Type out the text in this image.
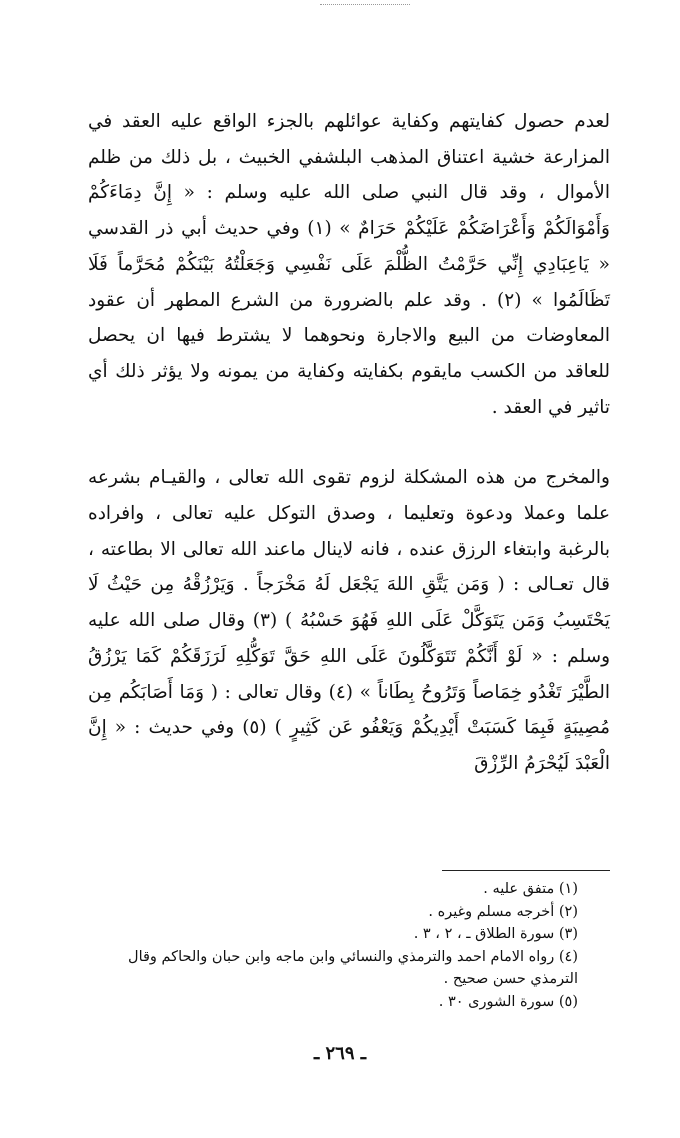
لعدم حصول كفايتهم وكفاية عوائلهم بالجزء الواقع عليه العقد في المزارعة خشية اعتناق المذهب البلشفي الخبيث ، بل ذلك من ظلم الأموال ، وقد قال النبي صلى الله عليه وسلم : « إِنَّ دِمَاءَكُمْ وَأَمْوَالَكُمْ وَأَعْرَاضَكُمْ عَلَيْكُمْ حَرَامٌ » (١) وفي حديث أبي ذر القدسي « يَاعِبَادِي إِنِّي حَرَّمْتُ الظُّلْمَ عَلَى نَفْسِي وَجَعَلْتُهُ بَيْنَكُمْ مُحَرَّماً فَلَا تَظَالَمُوا » (٢) . وقد علم بالضرورة من الشرع المطهر أن عقود المعاوضات من البيع والاجارة ونحوهما لا يشترط فيها ان يحصل للعاقد من الكسب مايقوم بكفايته وكفاية من يمونه ولا يؤثر ذلك أي تاثير في العقد .

والمخرج من هذه المشكلة لزوم تقوى الله تعالى ، والقيـام بشرعه علما وعملا ودعوة وتعليما ، وصدق التوكل عليه تعالى ، وافراده بالرغبة وابتغاء الرزق عنده ، فانه لاينال ماعند الله تعالى الا بطاعته ، قال تعـالى : ( وَمَن يَتَّقِ اللهَ يَجْعَل لَهُ مَخْرَجاً . وَيَرْزُقْهُ مِن حَيْثُ لَا يَحْتَسِبُ وَمَن يَتَوَكَّلْ عَلَى اللهِ فَهُوَ حَسْبُهُ ) (٣) وقال صلى الله عليه وسلم : « لَوْ أَنَّكُمْ تَتَوَكَّلُونَ عَلَى اللهِ حَقَّ تَوَكُّلِهِ لَرَزَقَكُمْ كَمَا يَرْزُقُ الطَّيْرَ تَغْدُو خِمَاصاً وَتَرُوحُ بِطَاناً » (٤) وقال تعالى : ( وَمَا أَصَابَكُم مِن مُصِيبَةٍ فَبِمَا كَسَبَتْ أَيْدِيكُمْ وَيَعْفُو عَن كَثِيرٍ ) (٥) وفي حديث : « إِنَّ الْعَبْدَ لَيُحْرَمُ الرِّزْقَ

(١) متفق عليه .

(٢) أخرجه مسلم وغيره .

(٣) سورة الطلاق ـ ، ٢ ، ٣ .

(٤) رواه الامام احمد والترمذي والنسائي وابن ماجه وابن حبان والحاكم وقال الترمذي حسن صحيح .

(٥) سورة الشورى ٣٠ .

ـ ٢٦٩ ـ
